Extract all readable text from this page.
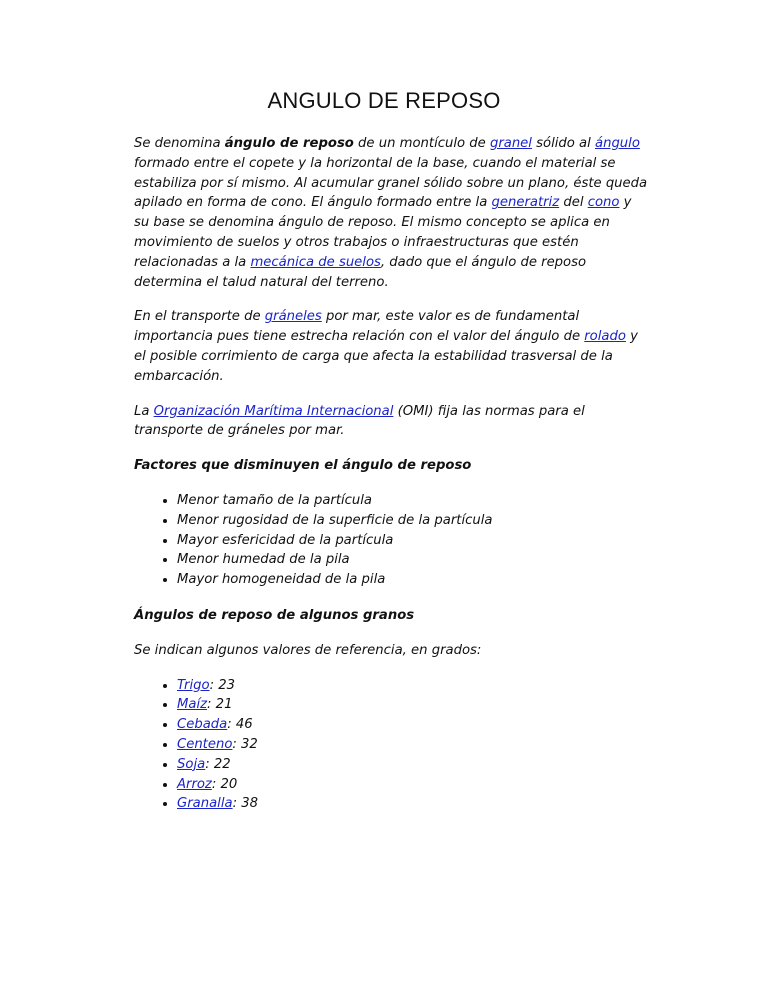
ANGULO DE REPOSO

Se denomina ángulo de reposo de un montículo de granel sólido al ángulo formado entre el copete y la horizontal de la base, cuando el material se estabiliza por sí mismo. Al acumular granel sólido sobre un plano, éste queda apilado en forma de cono. El ángulo formado entre la generatriz del cono y su base se denomina ángulo de reposo. El mismo concepto se aplica en movimiento de suelos y otros trabajos o infraestructuras que estén relacionadas a la mecánica de suelos, dado que el ángulo de reposo determina el talud natural del terreno.

En el transporte de gráneles por mar, este valor es de fundamental importancia pues tiene estrecha relación con el valor del ángulo de rolado y el posible corrimiento de carga que afecta la estabilidad trasversal de la embarcación.

La Organización Marítima Internacional (OMI) fija las normas para el transporte de gráneles por mar.

Factores que disminuyen el ángulo de reposo

• Menor tamaño de la partícula
• Menor rugosidad de la superficie de la partícula
• Mayor esfericidad de la partícula
• Menor humedad de la pila
• Mayor homogeneidad de la pila

Ángulos de reposo de algunos granos

Se indican algunos valores de referencia, en grados:

• Trigo: 23
• Maíz: 21
• Cebada: 46
• Centeno: 32
• Soja: 22
• Arroz: 20
• Granalla: 38
